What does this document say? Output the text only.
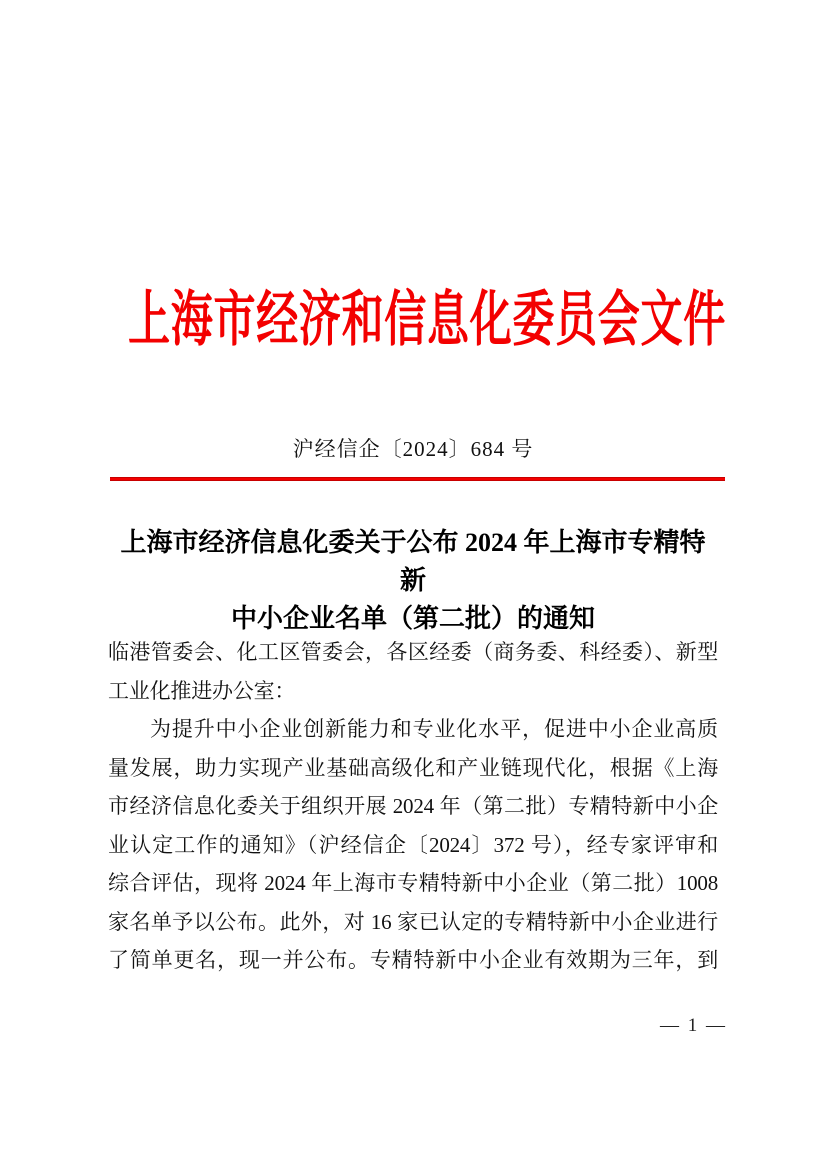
上海市经济和信息化委员会文件
沪经信企〔2024〕684 号
上海市经济信息化委关于公布 2024 年上海市专精特新
中小企业名单（第二批）的通知
临港管委会、化工区管委会，各区经委（商务委、科经委）、新型
工业化推进办公室：
为提升中小企业创新能力和专业化水平，促进中小企业高质
量发展，助力实现产业基础高级化和产业链现代化，根据《上海
市经济信息化委关于组织开展 2024 年（第二批）专精特新中小企
业认定工作的通知》（沪经信企〔2024〕372 号），经专家评审和
综合评估，现将 2024 年上海市专精特新中小企业（第二批）1008
家名单予以公布。此外，对 16 家已认定的专精特新中小企业进行
了简单更名，现一并公布。专精特新中小企业有效期为三年，到
— 1 —
